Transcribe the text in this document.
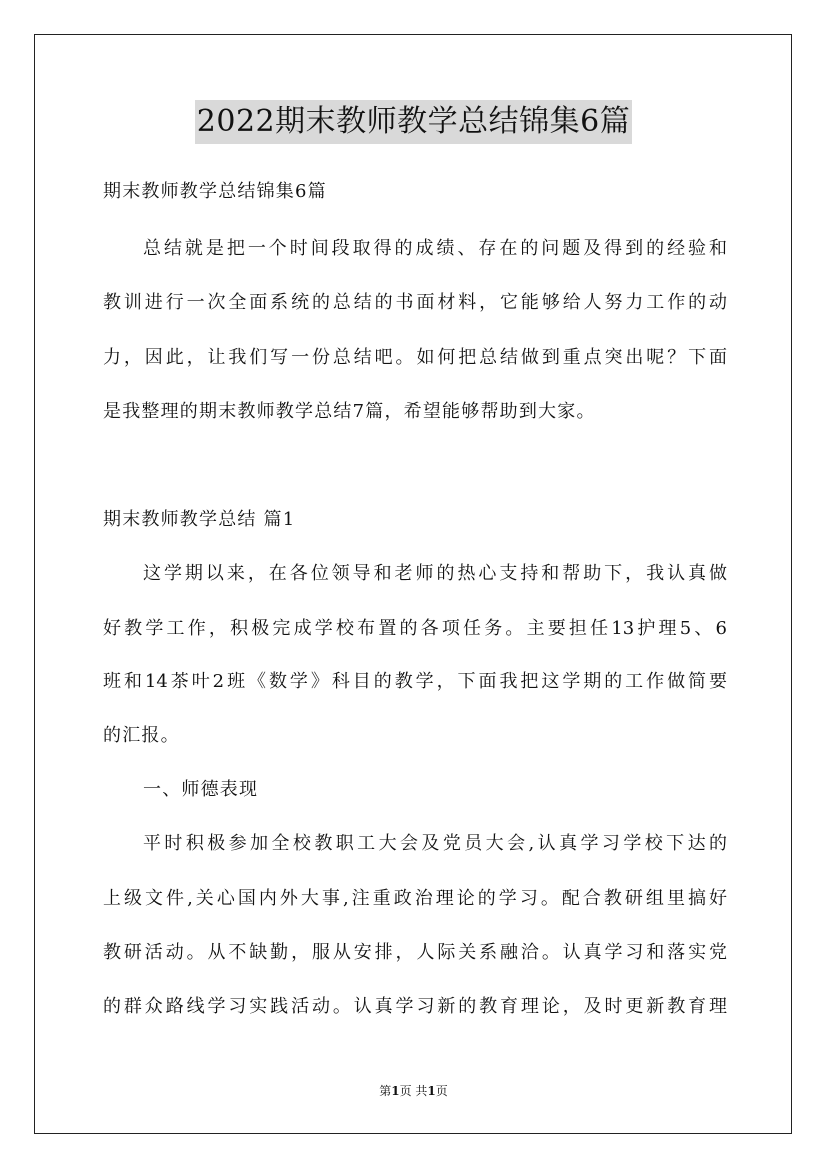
2022期末教师教学总结锦集6篇
期末教师教学总结锦集6篇
总结就是把一个时间段取得的成绩、存在的问题及得到的经验和
教训进行一次全面系统的总结的书面材料，它能够给人努力工作的动
力，因此，让我们写一份总结吧。如何把总结做到重点突出呢？下面
是我整理的期末教师教学总结7篇，希望能够帮助到大家。
期末教师教学总结 篇1
这学期以来，在各位领导和老师的热心支持和帮助下，我认真做
好教学工作，积极完成学校布置的各项任务。主要担任13护理5、6
班和14茶叶2班《数学》科目的教学，下面我把这学期的工作做简要
的汇报。
一、师德表现
平时积极参加全校教职工大会及党员大会,认真学习学校下达的
上级文件,关心国内外大事,注重政治理论的学习。配合教研组里搞好
教研活动。从不缺勤，服从安排，人际关系融洽。认真学习和落实党
的群众路线学习实践活动。认真学习新的教育理论，及时更新教育理
第1页 共1页
